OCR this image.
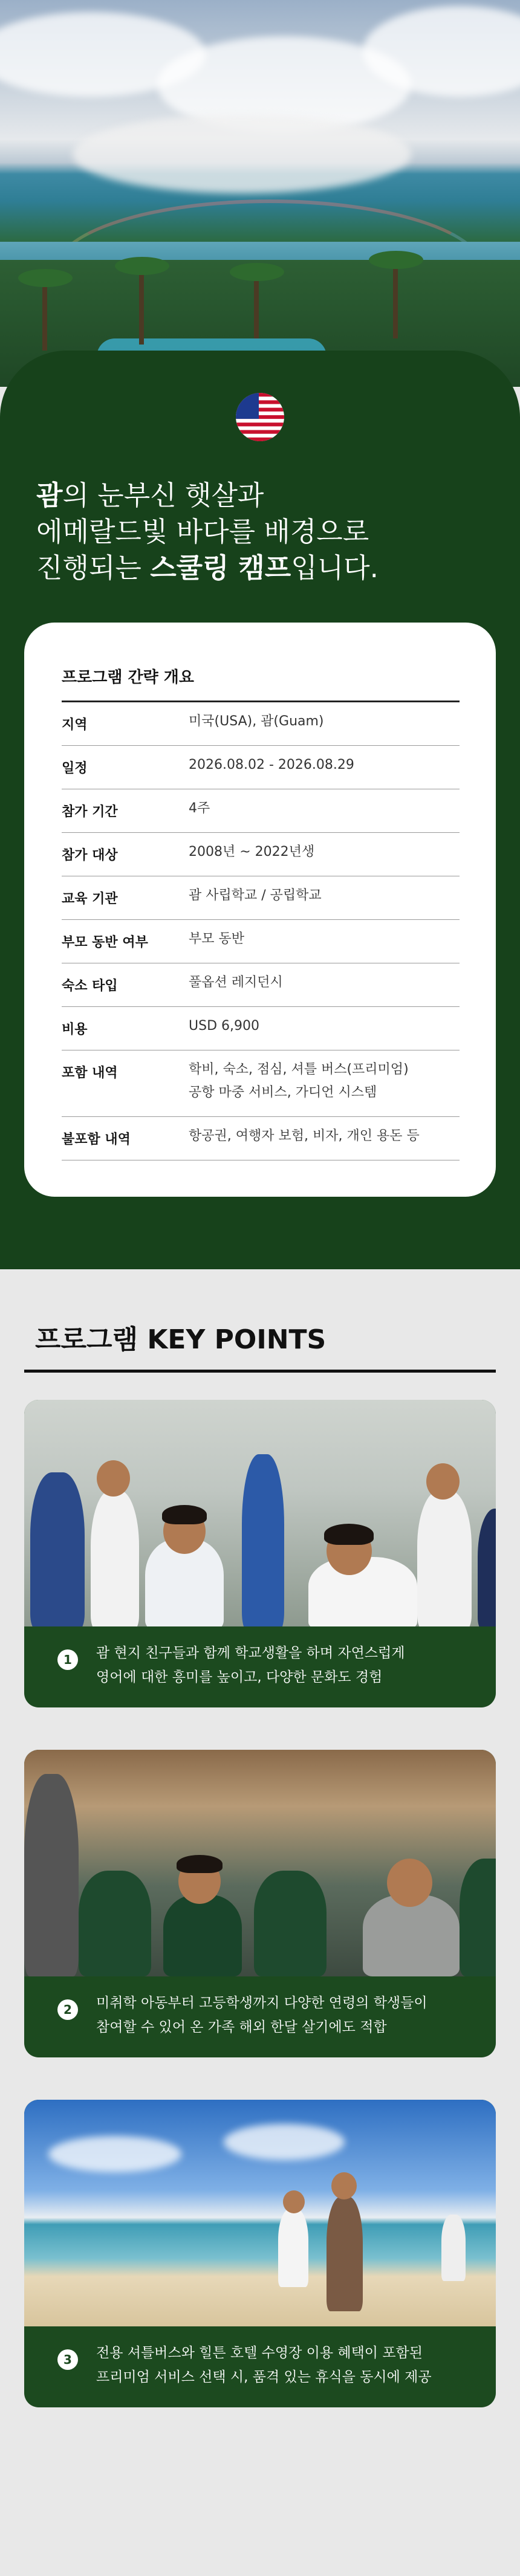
괌의 눈부신 햇살과
에메랄드빛 바다를 배경으로
진행되는 스쿨링 캠프입니다.
프로그램 간략 개요
지역	미국(USA), 괌(Guam)
일정	2026.08.02 - 2026.08.29
참가 기간	4주
참가 대상	2008년 ~ 2022년생
교육 기관	괌 사립학교 / 공립학교
부모 동반 여부	부모 동반
숙소 타입	풀옵션 레지던시
비용	USD 6,900
포함 내역	학비, 숙소, 점심, 셔틀 버스(프리미엄)
공항 마중 서비스, 가디언 시스템
불포함 내역	항공권, 여행자 보험, 비자, 개인 용돈 등
프로그램 KEY POINTS
1	괌 현지 친구들과 함께 학교생활을 하며 자연스럽게
영어에 대한 흥미를 높이고, 다양한 문화도 경험
2	미취학 아동부터 고등학생까지 다양한 연령의 학생들이
참여할 수 있어 온 가족 해외 한달 살기에도 적합
3	전용 셔틀버스와 힐튼 호텔 수영장 이용 혜택이 포함된
프리미엄 서비스 선택 시, 품격 있는 휴식을 동시에 제공
